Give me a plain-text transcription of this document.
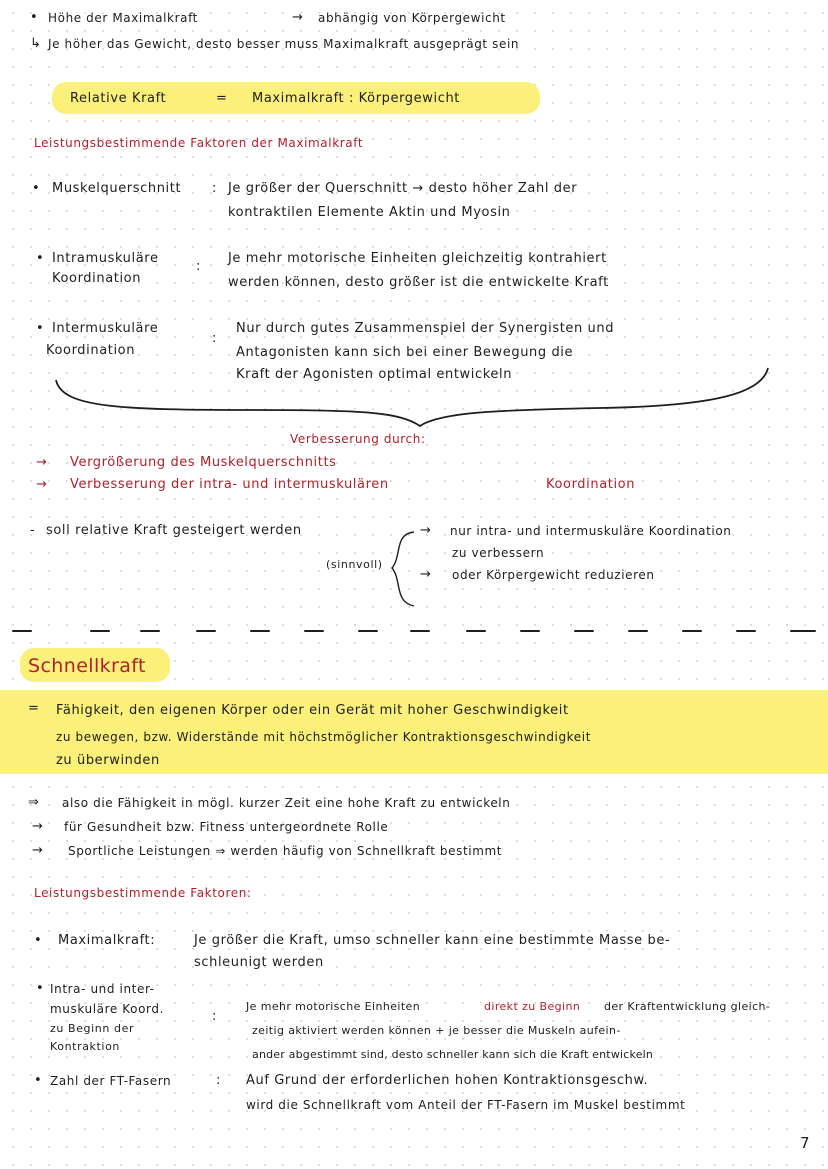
• Höhe der Maximalkraft	→ abhängig von Körpergewicht
↳ Je höher das Gewicht, desto besser muss Maximalkraft ausgeprägt sein
Relative Kraft	= Maximalkraft : Körpergewicht
Leistungsbestimmende Faktoren der Maximalkraft
• Muskelquerschnitt : Je größer der Querschnitt → desto höher Zahl der
kontraktilen Elemente Aktin und Myosin
• Intramuskuläre
Koordination
:
Je mehr motorische Einheiten gleichzeitig kontrahiert
werden können, desto größer ist die entwickelte Kraft
• Intermuskuläre
Koordination
:
Nur durch gutes Zusammenspiel der Synergisten und
Antagonisten kann sich bei einer Bewegung die
Kraft der Agonisten optimal entwickeln
Verbesserung durch:
→ Vergrößerung des Muskelquerschnitts
→ Verbesserung der intra- und intermuskulären	Koordination
- soll relative Kraft gesteigert werden
(sinnvoll)
→ nur intra- und intermuskuläre Koordination
zu verbessern
→ oder Körpergewicht reduzieren
Schnellkraft
= Fähigkeit, den eigenen Körper oder ein Gerät mit hoher Geschwindigkeit
zu bewegen, bzw. Widerstände mit höchstmöglicher Kontraktionsgeschwindigkeit
zu überwinden
⇒ also die Fähigkeit in mögl. kurzer Zeit eine hohe Kraft zu entwickeln
→ für Gesundheit bzw. Fitness untergeordnete Rolle
→ Sportliche Leistungen ⇒ werden häufig von Schnellkraft bestimmt
Leistungsbestimmende Faktoren:
• Maximalkraft:	Je größer die Kraft, umso schneller kann eine bestimmte Masse be-
schleunigt werden
• Intra- und inter-
muskuläre Koord.
zu Beginn der
Kontraktion
:
Je mehr motorische Einheiten	direkt zu Beginn der Kraftentwicklung gleich-
zeitig aktiviert werden können + je besser die Muskeln aufein-
ander abgestimmt sind, desto schneller kann sich die Kraft entwickeln
• Zahl der FT-Fasern	: Auf Grund der erforderlichen hohen Kontraktionsgeschw.
wird die Schnellkraft vom Anteil der FT-Fasern im Muskel bestimmt
7
